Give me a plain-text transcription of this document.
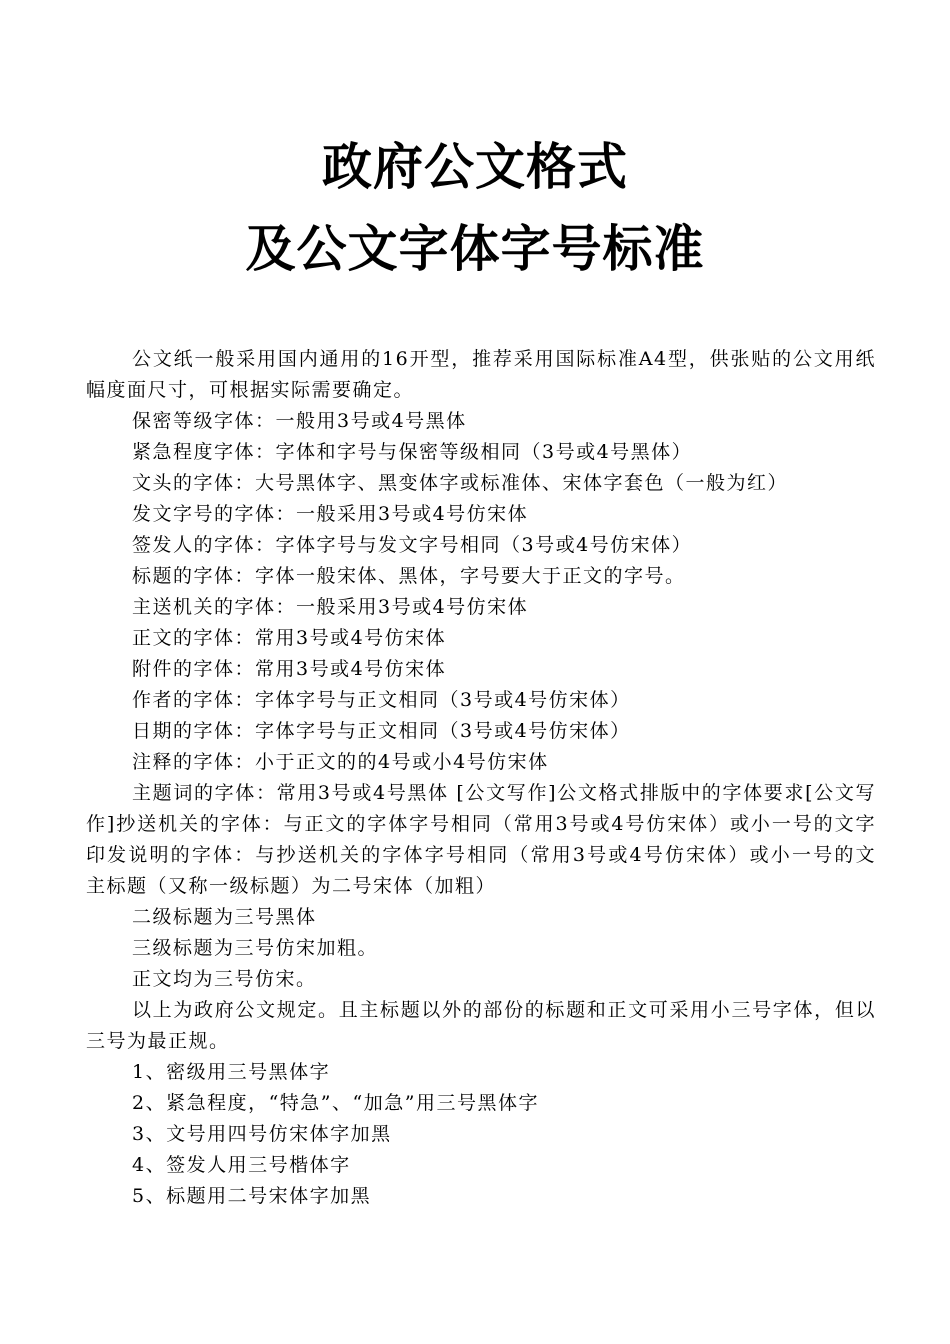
政府公文格式
及公文字体字号标准

公文纸一般采用国内通用的16开型，推荐采用国际标准A4型，供张贴的公文用纸幅度面尺寸，可根据实际需要确定。

保密等级字体：一般用3号或4号黑体

紧急程度字体：字体和字号与保密等级相同（3号或4号黑体）

文头的字体：大号黑体字、黑变体字或标准体、宋体字套色（一般为红）

发文字号的字体：一般采用3号或4号仿宋体

签发人的字体：字体字号与发文字号相同（3号或4号仿宋体）

标题的字体：字体一般宋体、黑体，字号要大于正文的字号。

主送机关的字体：一般采用3号或4号仿宋体

正文的字体：常用3号或4号仿宋体

附件的字体：常用3号或4号仿宋体

作者的字体：字体字号与正文相同（3号或4号仿宋体）

日期的字体：字体字号与正文相同（3号或4号仿宋体）

注释的字体：小于正文的的4号或小4号仿宋体

主题词的字体：常用3号或4号黑体 [公文写作]公文格式排版中的字体要求[公文写作]抄送机关的字体：与正文的字体字号相同（常用3号或4号仿宋体）或小一号的文字印发说明的字体：与抄送机关的字体字号相同（常用3号或4号仿宋体）或小一号的文 主标题（又称一级标题）为二号宋体（加粗）

二级标题为三号黑体

三级标题为三号仿宋加粗。

正文均为三号仿宋。

以上为政府公文规定。且主标题以外的部份的标题和正文可采用小三号字体，但以三号为最正规。

1、密级用三号黑体字

2、紧急程度，“特急”、“加急”用三号黑体字

3、文号用四号仿宋体字加黑

4、签发人用三号楷体字

5、标题用二号宋体字加黑
